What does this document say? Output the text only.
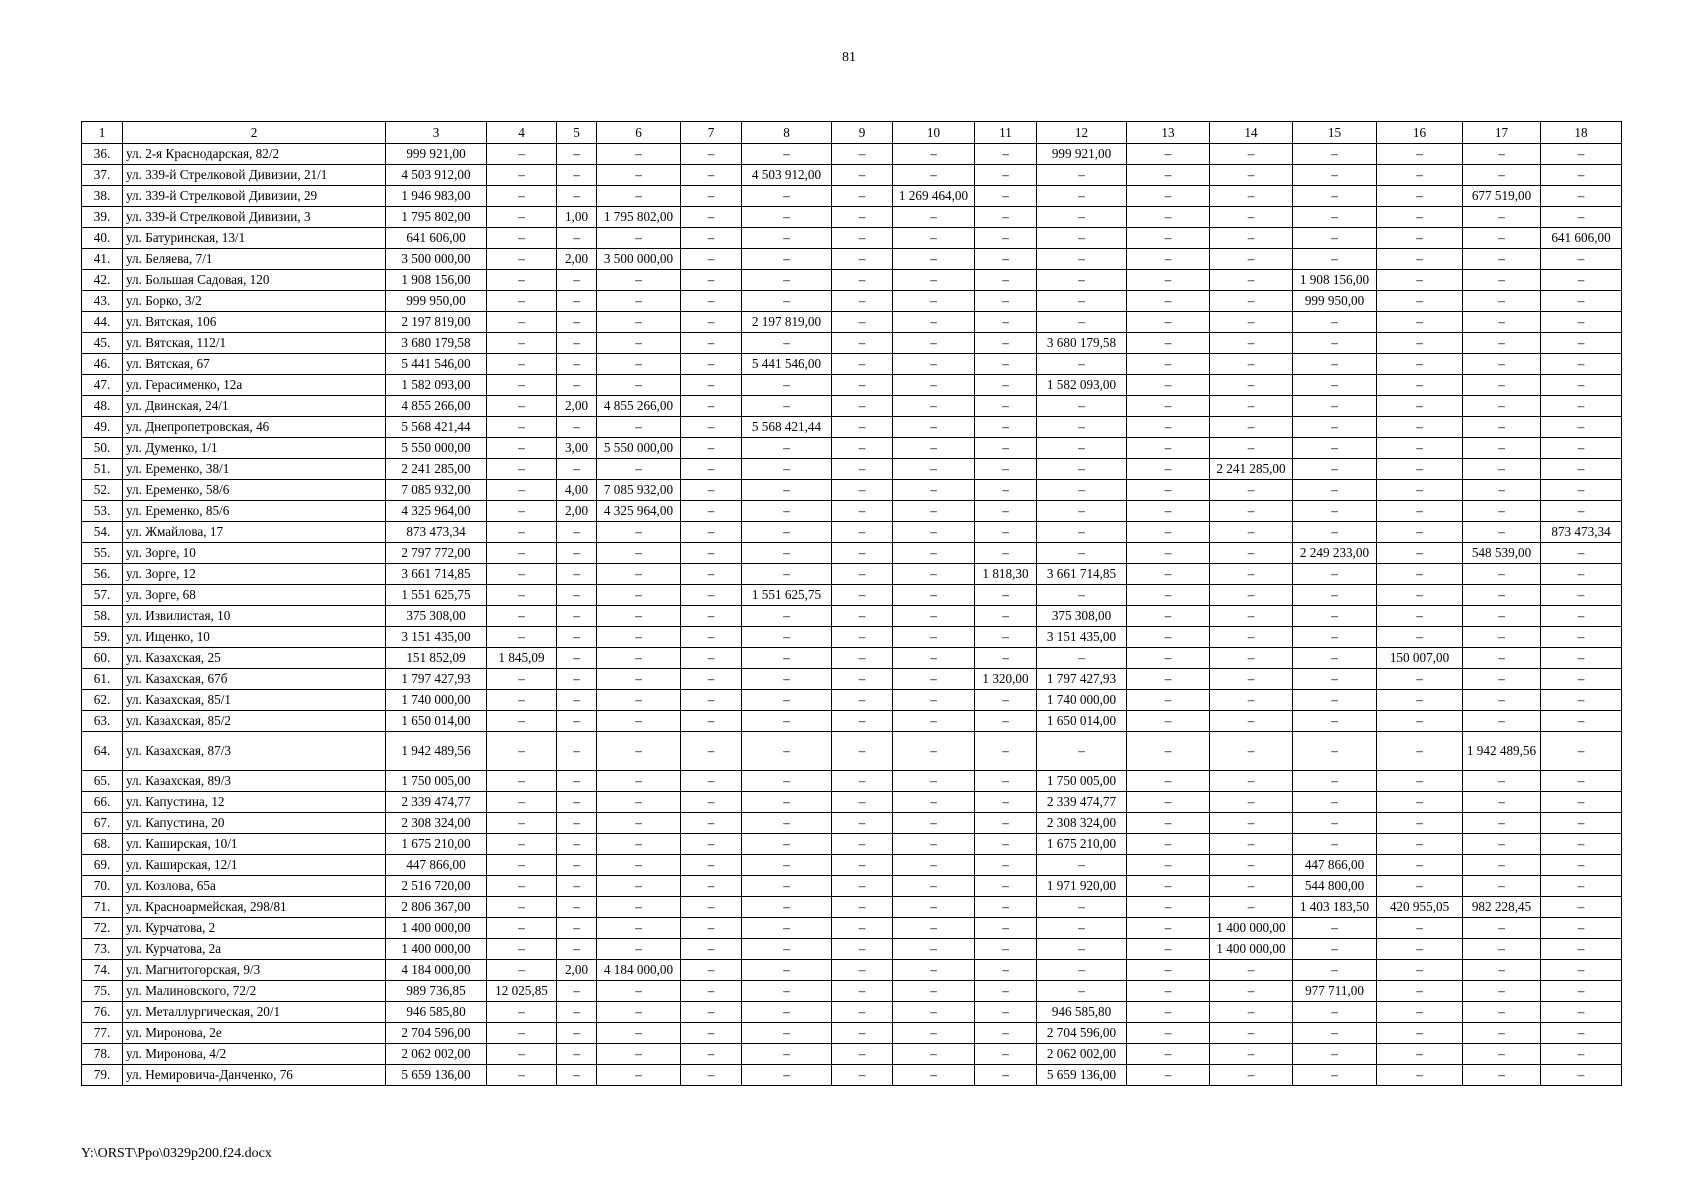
81
1	2	3	4	5	6	7	8	9	10	11	12	13	14	15	16	17	18
36.	ул. 2-я Краснодарская, 82/2	999 921,00	–	–	–	–	–	–	–	–	999 921,00	–	–	–	–	–	–
37.	ул. 339-й Стрелковой Дивизии, 21/1	4 503 912,00	–	–	–	–	4 503 912,00	–	–	–	–	–	–	–	–	–	–
38.	ул. 339-й Стрелковой Дивизии, 29	1 946 983,00	–	–	–	–	–	–	1 269 464,00	–	–	–	–	–	–	677 519,00	–
39.	ул. 339-й Стрелковой Дивизии, 3	1 795 802,00	–	1,00	1 795 802,00	–	–	–	–	–	–	–	–	–	–	–	–
40.	ул. Батуринская, 13/1	641 606,00	–	–	–	–	–	–	–	–	–	–	–	–	–	–	641 606,00
41.	ул. Беляева, 7/1	3 500 000,00	–	2,00	3 500 000,00	–	–	–	–	–	–	–	–	–	–	–	–
42.	ул. Большая Садовая, 120	1 908 156,00	–	–	–	–	–	–	–	–	–	–	–	1 908 156,00	–	–	–
43.	ул. Борко, 3/2	999 950,00	–	–	–	–	–	–	–	–	–	–	–	999 950,00	–	–	–
44.	ул. Вятская, 106	2 197 819,00	–	–	–	–	2 197 819,00	–	–	–	–	–	–	–	–	–	–
45.	ул. Вятская, 112/1	3 680 179,58	–	–	–	–	–	–	–	–	3 680 179,58	–	–	–	–	–	–
46.	ул. Вятская, 67	5 441 546,00	–	–	–	–	5 441 546,00	–	–	–	–	–	–	–	–	–	–
47.	ул. Герасименко, 12а	1 582 093,00	–	–	–	–	–	–	–	–	1 582 093,00	–	–	–	–	–	–
48.	ул. Двинская, 24/1	4 855 266,00	–	2,00	4 855 266,00	–	–	–	–	–	–	–	–	–	–	–	–
49.	ул. Днепропетровская, 46	5 568 421,44	–	–	–	–	5 568 421,44	–	–	–	–	–	–	–	–	–	–
50.	ул. Думенко, 1/1	5 550 000,00	–	3,00	5 550 000,00	–	–	–	–	–	–	–	–	–	–	–	–
51.	ул. Еременко, 38/1	2 241 285,00	–	–	–	–	–	–	–	–	–	–	2 241 285,00	–	–	–	–
52.	ул. Еременко, 58/6	7 085 932,00	–	4,00	7 085 932,00	–	–	–	–	–	–	–	–	–	–	–	–
53.	ул. Еременко, 85/6	4 325 964,00	–	2,00	4 325 964,00	–	–	–	–	–	–	–	–	–	–	–	–
54.	ул. Жмайлова, 17	873 473,34	–	–	–	–	–	–	–	–	–	–	–	–	–	–	873 473,34
55.	ул. Зорге, 10	2 797 772,00	–	–	–	–	–	–	–	–	–	–	–	2 249 233,00	–	548 539,00	–
56.	ул. Зорге, 12	3 661 714,85	–	–	–	–	–	–	–	1 818,30	3 661 714,85	–	–	–	–	–	–
57.	ул. Зорге, 68	1 551 625,75	–	–	–	–	1 551 625,75	–	–	–	–	–	–	–	–	–	–
58.	ул. Извилистая, 10	375 308,00	–	–	–	–	–	–	–	–	375 308,00	–	–	–	–	–	–
59.	ул. Ищенко, 10	3 151 435,00	–	–	–	–	–	–	–	–	3 151 435,00	–	–	–	–	–	–
60.	ул. Казахская, 25	151 852,09	1 845,09	–	–	–	–	–	–	–	–	–	–	–	150 007,00	–	–
61.	ул. Казахская, 67б	1 797 427,93	–	–	–	–	–	–	–	1 320,00	1 797 427,93	–	–	–	–	–	–
62.	ул. Казахская, 85/1	1 740 000,00	–	–	–	–	–	–	–	–	1 740 000,00	–	–	–	–	–	–
63.	ул. Казахская, 85/2	1 650 014,00	–	–	–	–	–	–	–	–	1 650 014,00	–	–	–	–	–	–
64.	ул. Казахская, 87/3	1 942 489,56	–	–	–	–	–	–	–	–	–	–	–	–	–	1 942 489,56	–
65.	ул. Казахская, 89/3	1 750 005,00	–	–	–	–	–	–	–	–	1 750 005,00	–	–	–	–	–	–
66.	ул. Капустина, 12	2 339 474,77	–	–	–	–	–	–	–	–	2 339 474,77	–	–	–	–	–	–
67.	ул. Капустина, 20	2 308 324,00	–	–	–	–	–	–	–	–	2 308 324,00	–	–	–	–	–	–
68.	ул. Каширская, 10/1	1 675 210,00	–	–	–	–	–	–	–	–	1 675 210,00	–	–	–	–	–	–
69.	ул. Каширская, 12/1	447 866,00	–	–	–	–	–	–	–	–	–	–	–	447 866,00	–	–	–
70.	ул. Козлова, 65а	2 516 720,00	–	–	–	–	–	–	–	–	1 971 920,00	–	–	544 800,00	–	–	–
71.	ул. Красноармейская, 298/81	2 806 367,00	–	–	–	–	–	–	–	–	–	–	–	1 403 183,50	420 955,05	982 228,45	–
72.	ул. Курчатова, 2	1 400 000,00	–	–	–	–	–	–	–	–	–	–	1 400 000,00	–	–	–	–
73.	ул. Курчатова, 2а	1 400 000,00	–	–	–	–	–	–	–	–	–	–	1 400 000,00	–	–	–	–
74.	ул. Магнитогорская, 9/3	4 184 000,00	–	2,00	4 184 000,00	–	–	–	–	–	–	–	–	–	–	–	–
75.	ул. Малиновского, 72/2	989 736,85	12 025,85	–	–	–	–	–	–	–	–	–	–	977 711,00	–	–	–
76.	ул. Металлургическая, 20/1	946 585,80	–	–	–	–	–	–	–	–	946 585,80	–	–	–	–	–	–
77.	ул. Миронова, 2е	2 704 596,00	–	–	–	–	–	–	–	–	2 704 596,00	–	–	–	–	–	–
78.	ул. Миронова, 4/2	2 062 002,00	–	–	–	–	–	–	–	–	2 062 002,00	–	–	–	–	–	–
79.	ул. Немировича-Данченко, 76	5 659 136,00	–	–	–	–	–	–	–	–	5 659 136,00	–	–	–	–	–	–
Y:\ORST\Ppo\0329p200.f24.docx
